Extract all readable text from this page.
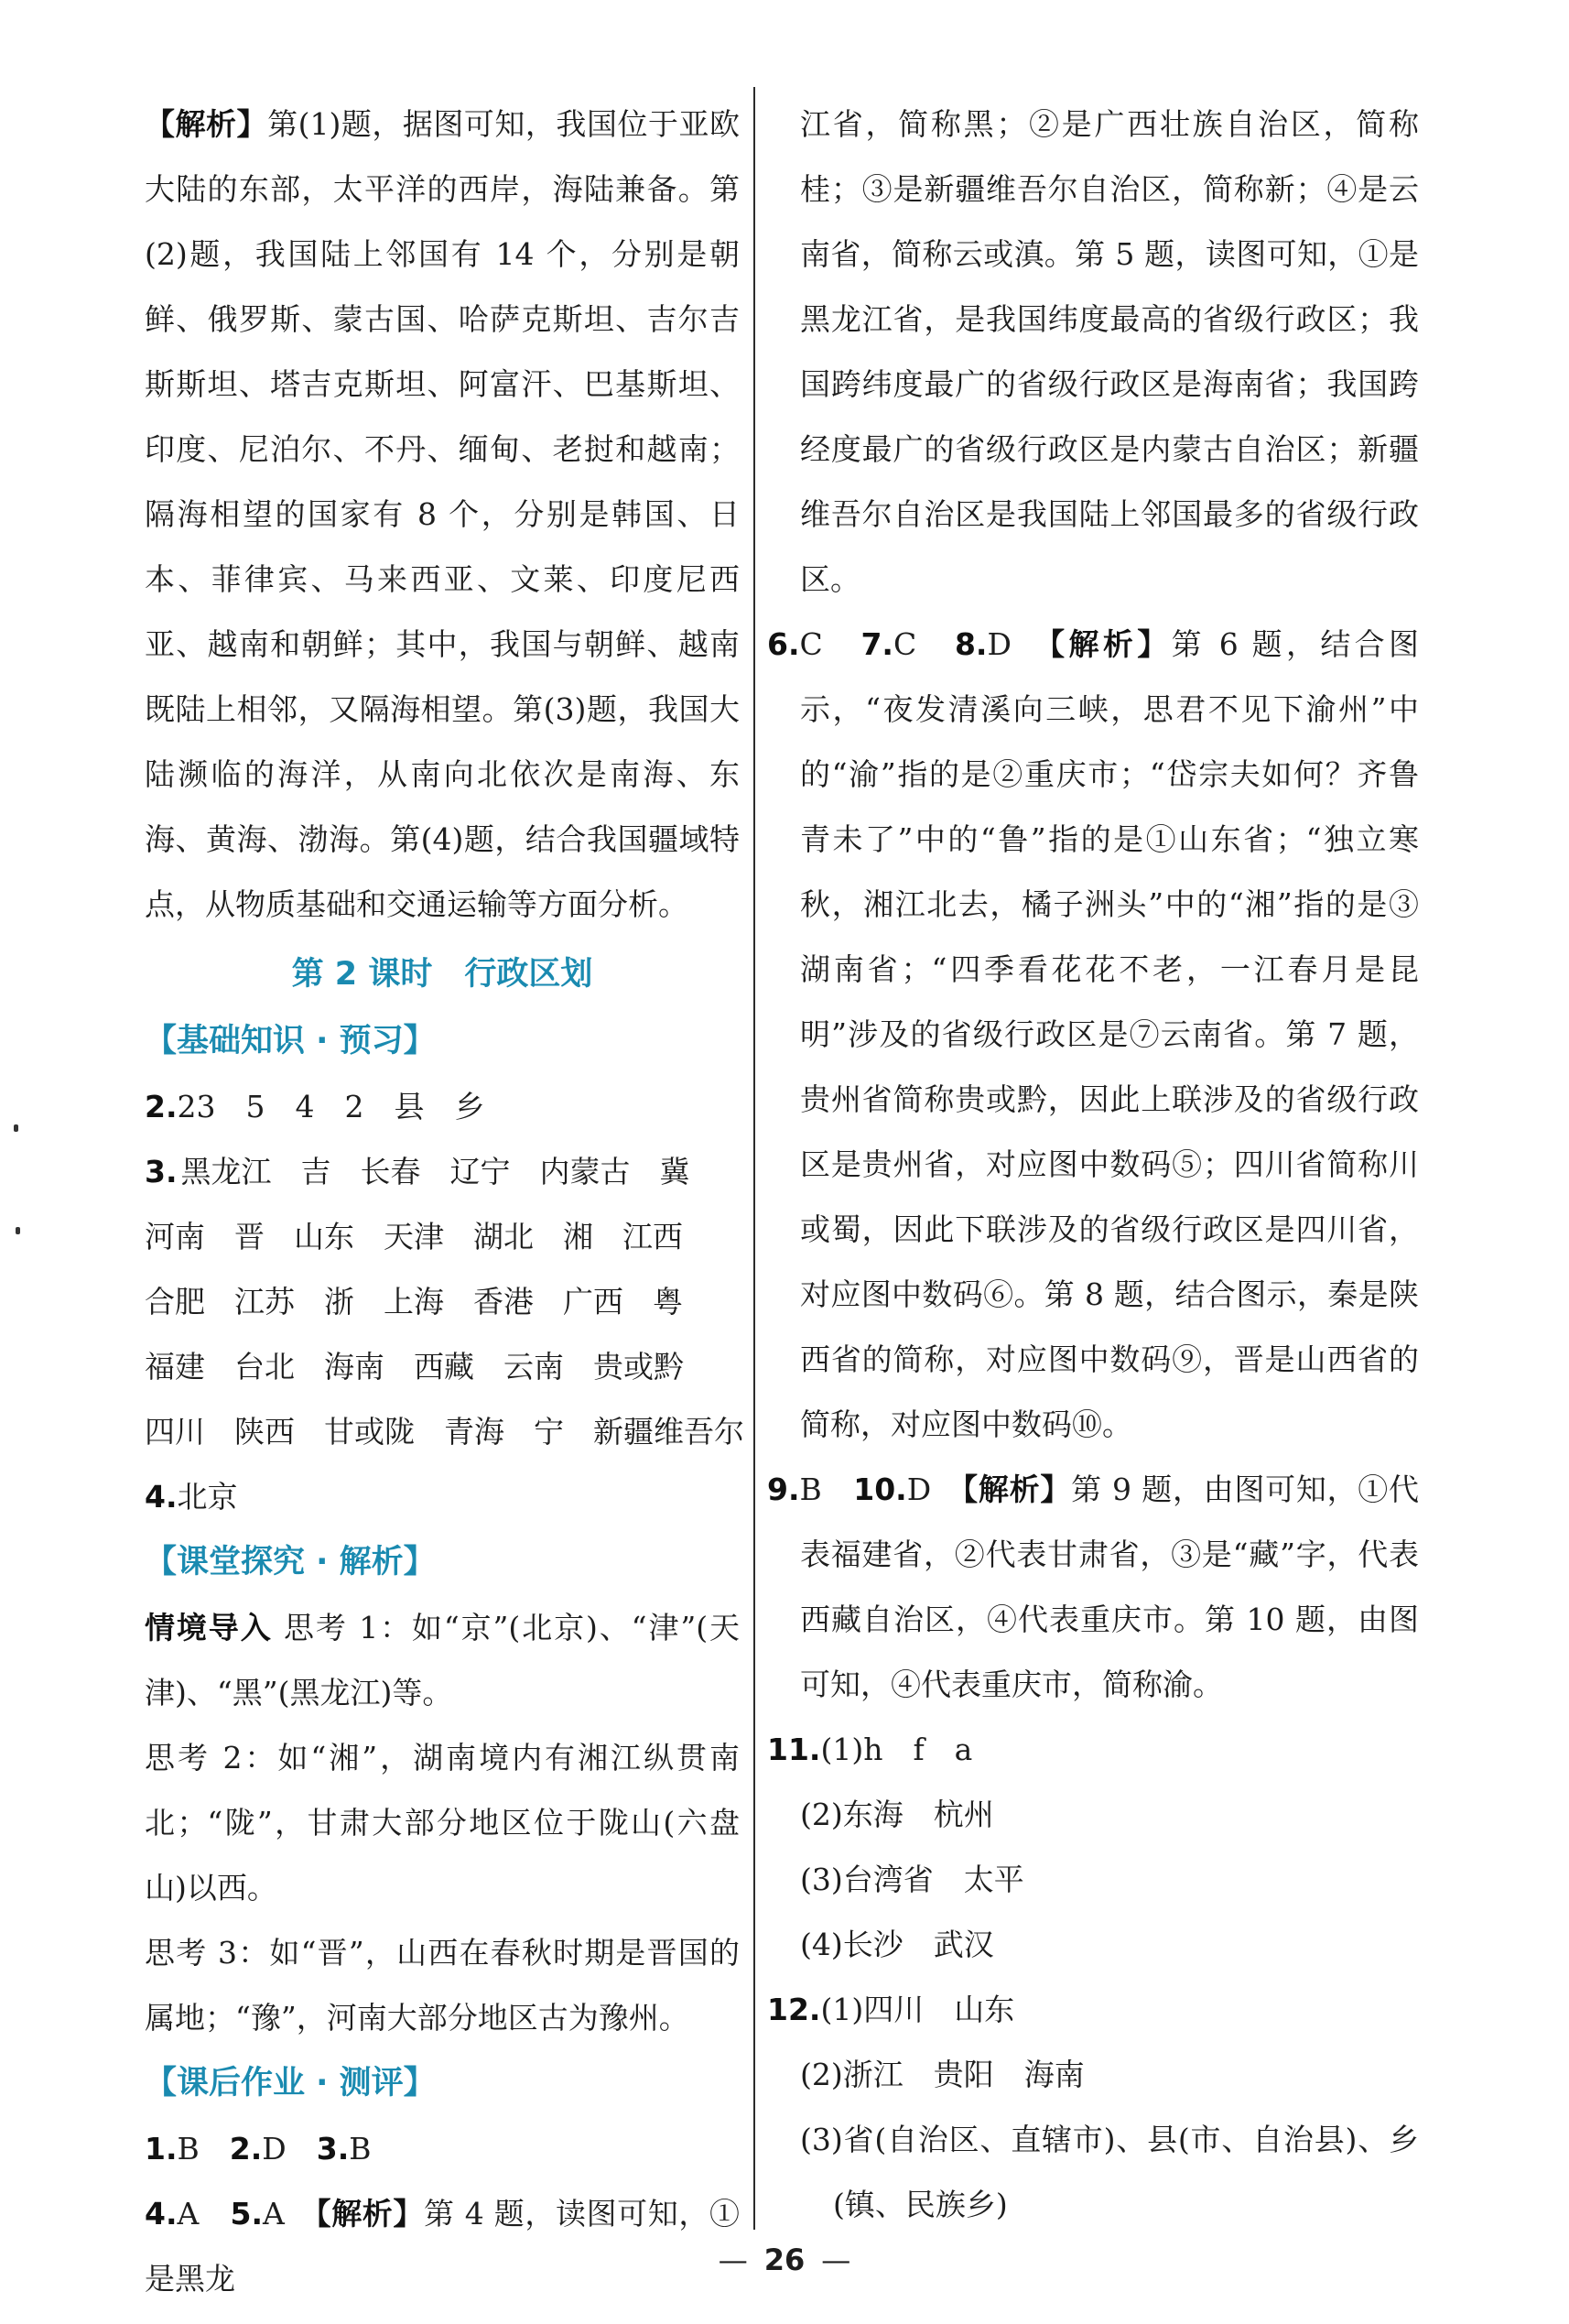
【解析】第(1)题，据图可知，我国位于亚欧大陆的东部，太平洋的西岸，海陆兼备。第(2)题，我国陆上邻国有 14 个，分别是朝鲜、俄罗斯、蒙古国、哈萨克斯坦、吉尔吉斯斯坦、塔吉克斯坦、阿富汗、巴基斯坦、印度、尼泊尔、不丹、缅甸、老挝和越南；隔海相望的国家有 8 个，分别是韩国、日本、菲律宾、马来西亚、文莱、印度尼西亚、越南和朝鲜；其中，我国与朝鲜、越南既陆上相邻，又隔海相望。第(3)题，我国大陆濒临的海洋，从南向北依次是南海、东海、黄海、渤海。第(4)题，结合我国疆域特点，从物质基础和交通运输等方面分析。

第 2 课时　行政区划
【基础知识 · 预习】

2.23　5　4　2　县　乡

3. 黑龙江 吉 长春 辽宁 内蒙古 冀

河南 晋 山东 天津 湖北 湘 江西

合肥 江苏 浙 上海 香港 广西 粤

福建 台北 海南 西藏 云南 贵或黔

四川 陕西 甘或陇 青海 宁 新疆维吾尔

4.北京

【课堂探究 · 解析】

情境导入 思考 1：如“京”(北京)、“津”(天津)、“黑”(黑龙江)等。

思考 2：如“湘”，湖南境内有湘江纵贯南北；“陇”，甘肃大部分地区位于陇山(六盘山)以西。

思考 3：如“晋”，山西在春秋时期是晋国的属地；“豫”，河南大部分地区古为豫州。

【课后作业 · 测评】

1.B　 2.D　 3.B

4.A　 5.A　 【解析】第 4 题，读图可知，①是黑龙

江省，简称黑；②是广西壮族自治区，简称桂；③是新疆维吾尔自治区，简称新；④是云南省，简称云或滇。第 5 题，读图可知，①是黑龙江省，是我国纬度最高的省级行政区；我国跨纬度最广的省级行政区是海南省；我国跨经度最广的省级行政区是内蒙古自治区；新疆维吾尔自治区是我国陆上邻国最多的省级行政区。

6.C　 7.C　 8.D　 【解析】第 6 题，结合图示，“夜发清溪向三峡，思君不见下渝州”中的“渝”指的是②重庆市；“岱宗夫如何？齐鲁青未了”中的“鲁”指的是①山东省；“独立寒秋，湘江北去，橘子洲头”中的“湘”指的是③湖南省；“四季看花花不老，一江春月是昆明”涉及的省级行政区是⑦云南省。第 7 题，贵州省简称贵或黔，因此上联涉及的省级行政区是贵州省，对应图中数码⑤；四川省简称川或蜀，因此下联涉及的省级行政区是四川省，对应图中数码⑥。第 8 题，结合图示，秦是陕西省的简称，对应图中数码⑨，晋是山西省的简称，对应图中数码⑩。

9.B　 10.D　 【解析】第 9 题，由图可知，①代表福建省，②代表甘肃省，③是“藏”字，代表西藏自治区，④代表重庆市。第 10 题，由图可知，④代表重庆市，简称渝。

11.(1)h　f　a

(2)东海　杭州

(3)台湾省　太平

(4)长沙　武汉

12.(1)四川　山东

(2)浙江　贵阳　海南

(3)省(自治区、直辖市)、县(市、自治县)、乡(镇、民族乡)

— 26 —
